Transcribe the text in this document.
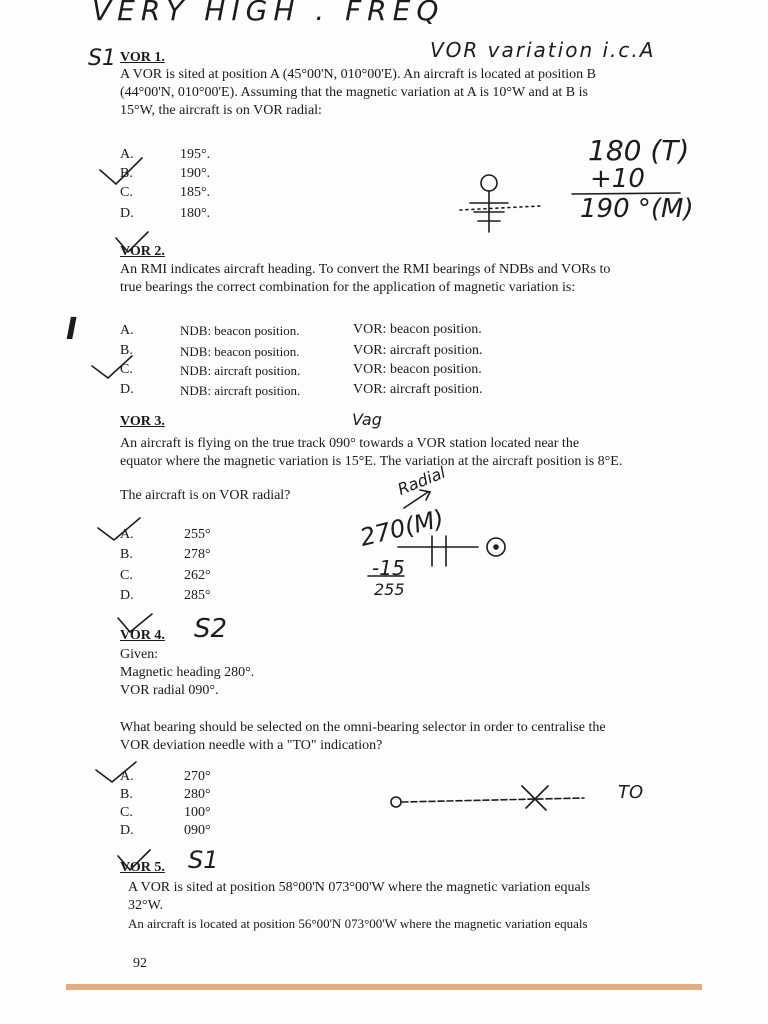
VERY HIGH . FREQ
VOR variation i.c.A
S1 VOR 1.
A VOR is sited at position A (45°00'N, 010°00'E). An aircraft is located at position B
(44°00'N, 010°00'E). Assuming that the magnetic variation at A is 10°W and at B is
15°W, the aircraft is on VOR radial:
A.	195°.
B.	190°.
C.	185°.
D.	180°.
180 (T)
+10
190 °(M)
VOR 2.
An RMI indicates aircraft heading. To convert the RMI bearings of NDBs and VORs to
true bearings the correct combination for the application of magnetic variation is:
I	A.	NDB: beacon position.	VOR: beacon position.
B.	NDB: beacon position.	VOR: aircraft position.
C.	NDB: aircraft position.	VOR: beacon position.
D.	NDB: aircraft position.	VOR: aircraft position.
VOR 3.	Vag
An aircraft is flying on the true track 090° towards a VOR station located near the
equator where the magnetic variation is 15°E. The variation at the aircraft position is 8°E.
The aircraft is on VOR radial?	Radial
A.	255°
B.	278°
C.	262°
D.	285°
270(M)
-15
255
VOR 4. S2
Given:
Magnetic heading 280°.
VOR radial 090°.
What bearing should be selected on the omni-bearing selector in order to centralise the
VOR deviation needle with a "TO" indication?
A.	270°
B.	280°
C.	100°
D.	090°
TO
VOR 5. S1
A VOR is sited at position 58°00'N 073°00'W where the magnetic variation equals
32°W.
An aircraft is located at position 56°00'N 073°00'W where the magnetic variation equals
92
